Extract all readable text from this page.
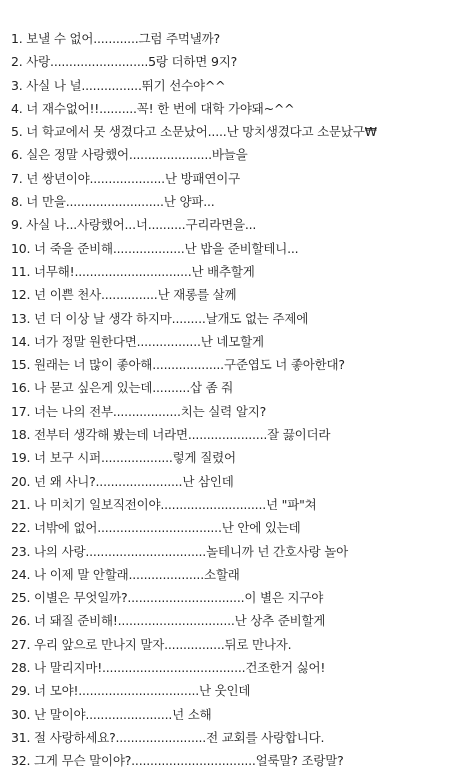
1. 보낼 수 없어............그럼 주먹낼까?
2. 사랑..........................5랑 더하면 9지?
3. 사실 나 널................뛰기 선수야^^
4. 너 재수없어!!..........꼭! 한 번에 대학 가야돼~^^
5. 너 학교에서 못 생겼다고 소문났어.....난 망치생겼다고 소문났구₩
6. 실은 정말 사랑했어......................바늘을
7. 넌 쌍년이야....................난 방패연이구
8. 너 만을..........................난 양파...
9. 사실 나...사랑했어...너..........구리라면을...
10. 너 죽을 준비해...................난 밥을 준비할테니...
11. 너무해!...............................난 배추할게
12. 넌 이쁜 천사...............난 재롱를 살께
13. 넌 더 이상 날 생각 하지마.........날개도 없는 주제에
14. 너가 정말 원한다면.................난 네모할게
15. 원래는 너 많이 좋아해...................구준엽도 너 좋아한대?
16. 나 묻고 싶은게 있는데..........삽 좀 줘
17. 너는 나의 전부..................치는 실력 알지?
18. 전부터 생각해 봤는데 너라면.....................잘 끓이더라
19. 너 보구 시퍼...................렇게 질렸어
20. 넌 왜 사니?.......................난 삼인데
21. 나 미치기 일보직전이야............................넌 "파"쳐
22. 너밖에 없어.................................난 안에 있는데
23. 나의 사랑................................놀테니까 넌 간호사랑 놀아
24. 나 이제 말 안할래....................소할래
25. 이별은 무엇일까?...............................이 별은 지구야
26. 너 돼질 준비해!...............................난 상추 준비할게
27. 우리 앞으로 만나지 말자................뒤로 만나자.
28. 나 말리지마!......................................건조한거 싫어!
29. 너 모야!................................난 웃인데
30. 난 말이야.......................넌 소해
31. 절 사랑하세요?........................전 교회를 사랑합니다.
32. 그게 무슨 말이야?.................................얼룩말? 조랑말?
